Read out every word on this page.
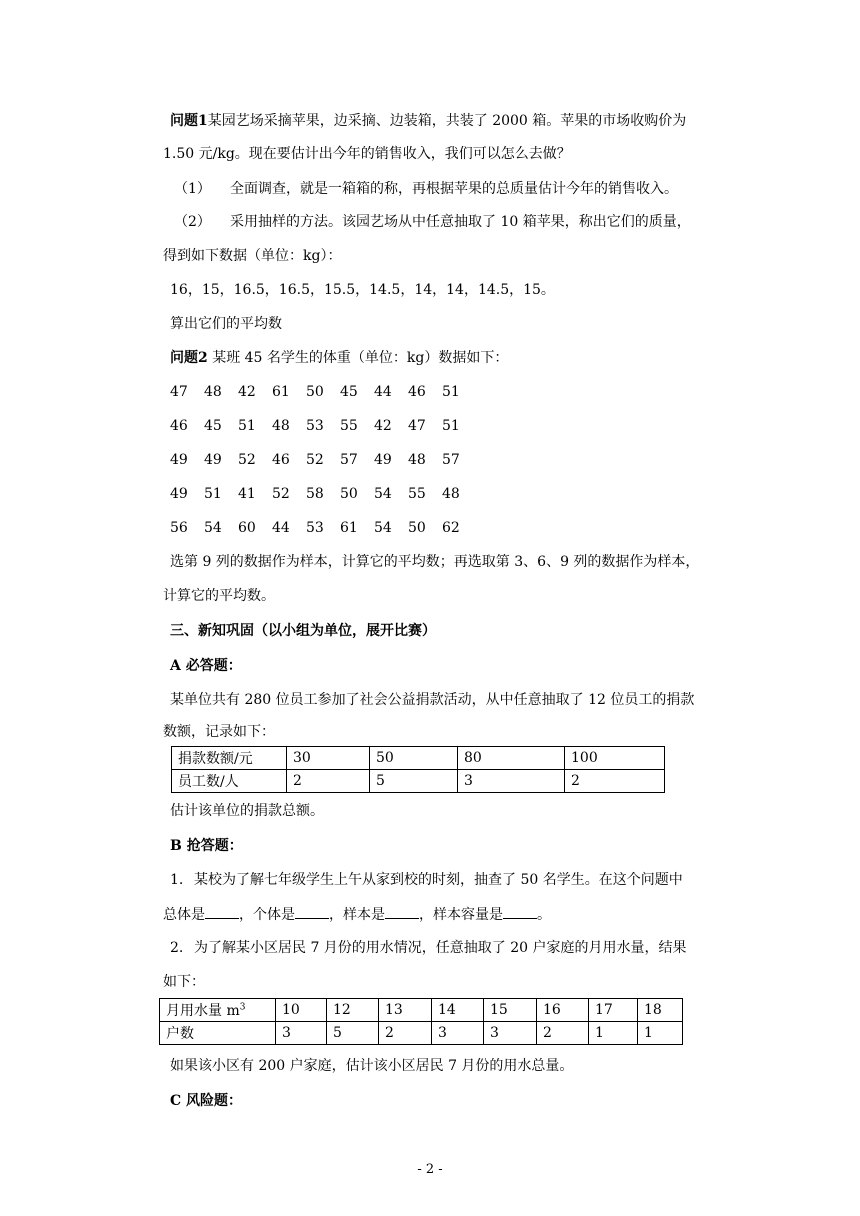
问题1某园艺场采摘苹果，边采摘、边装箱，共装了 2000 箱。苹果的市场收购价为
1.50 元/kg。现在要估计出今年的销售收入，我们可以怎么去做？
（1） 全面调查，就是一箱箱的称，再根据苹果的总质量估计今年的销售收入。
（2） 采用抽样的方法。该园艺场从中任意抽取了 10 箱苹果，称出它们的质量，
得到如下数据（单位：kg）：
16，15，16.5，16.5，15.5，14.5，14，14，14.5，15。
算出它们的平均数
问题2 某班 45 名学生的体重（单位：kg）数据如下：
47 48 42 61 50 45 44 46 51
46 45 51 48 53 55 42 47 51
49 49 52 46 52 57 49 48 57
49 51 41 52 58 50 54 55 48
56 54 60 44 53 61 54 50 62
选第 9 列的数据作为样本，计算它的平均数；再选取第 3、6、9 列的数据作为样本，
计算它的平均数。
三、新知巩固（以小组为单位，展开比赛）
A 必答题：
某单位共有 280 位员工参加了社会公益捐款活动，从中任意抽取了 12 位员工的捐款
数额，记录如下：
捐款数额/元	30	50	80	100
员工数/人	2	5	3	2
估计该单位的捐款总额。
B 抢答题：
1. 某校为了解七年级学生上午从家到校的时刻，抽查了 50 名学生。在这个问题中
总体是 ，个体是 ，样本是 ，样本容量是 。
2. 为了解某小区居民 7 月份的用水情况，任意抽取了 20 户家庭的月用水量，结果
如下：
月用水量 $m^3$	10	12	13	14	15	16	17	18
户数	3	5	2	3	3	2	1	1
如果该小区有 200 户家庭，估计该小区居民 7 月份的用水总量。
C 风险题：
- 2 -
